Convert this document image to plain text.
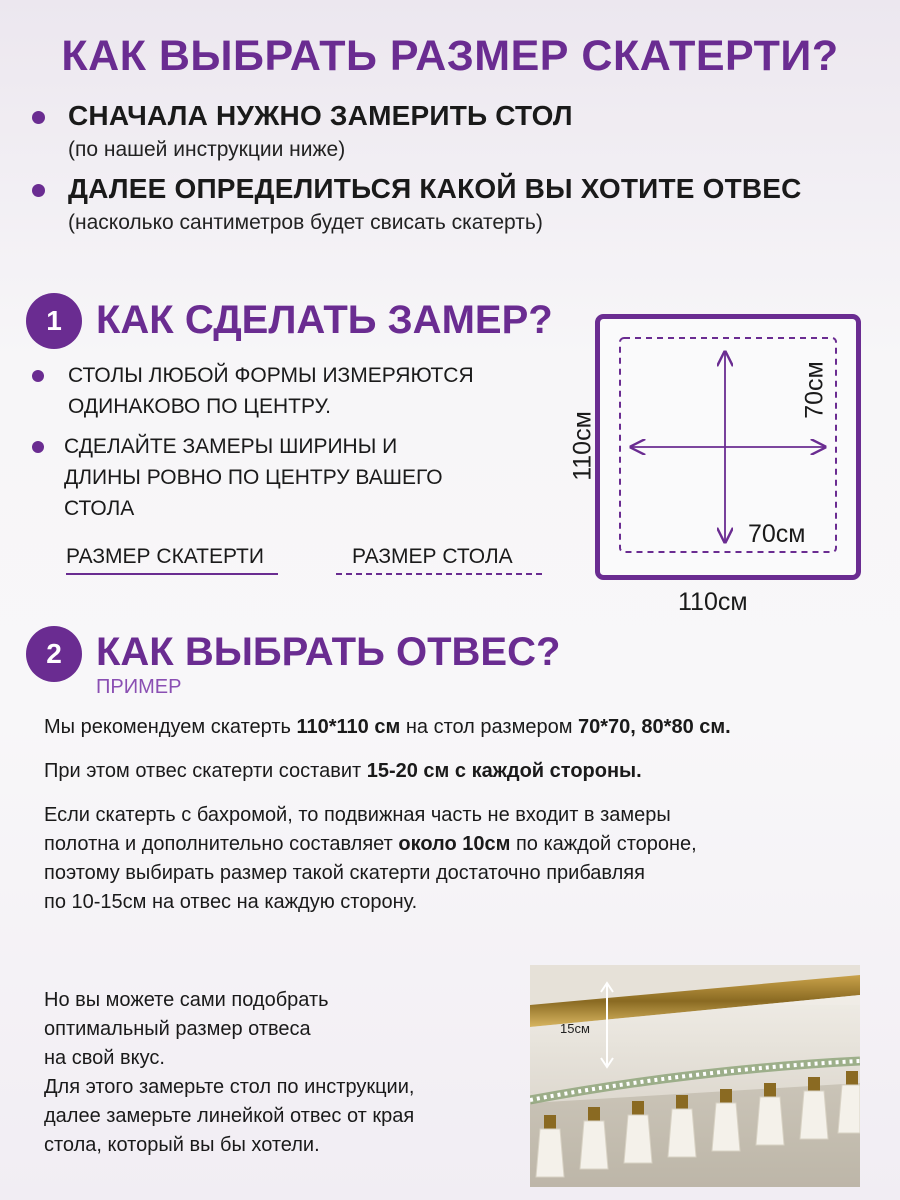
КАК ВЫБРАТЬ РАЗМЕР СКАТЕРТИ?
СНАЧАЛА НУЖНО ЗАМЕРИТЬ СТОЛ
(по нашей инструкции ниже)
ДАЛЕЕ ОПРЕДЕЛИТЬСЯ КАКОЙ ВЫ ХОТИТЕ ОТВЕС
(насколько сантиметров будет свисать скатерть)
1 КАК СДЕЛАТЬ ЗАМЕР?
СТОЛЫ ЛЮБОЙ ФОРМЫ ИЗМЕРЯЮТСЯ
ОДИНАКОВО ПО ЦЕНТРУ.
СДЕЛАЙТЕ ЗАМЕРЫ ШИРИНЫ И
ДЛИНЫ РОВНО ПО ЦЕНТРУ ВАШЕГО
СТОЛА
РАЗМЕР СКАТЕРТИ	РАЗМЕР СТОЛА
110см
70см
70см
110см
2 КАК ВЫБРАТЬ ОТВЕС?
ПРИМЕР
Мы рекомендуем скатерть 110*110 см на стол размером 70*70, 80*80 см.
При этом отвес скатерти составит 15-20 см с каждой стороны.
Если скатерть с бахромой, то подвижная часть не входит в замеры
полотна и дополнительно составляет около 10см по каждой стороне,
поэтому выбирать размер такой скатерти достаточно прибавляя
по 10-15см на отвес на каждую сторону.
Но вы можете сами подобрать
оптимальный размер отвеса
на свой вкус.
Для этого замерьте стол по инструкции,
далее замерьте линейкой отвес от края
стола, который вы бы хотели.
15см
